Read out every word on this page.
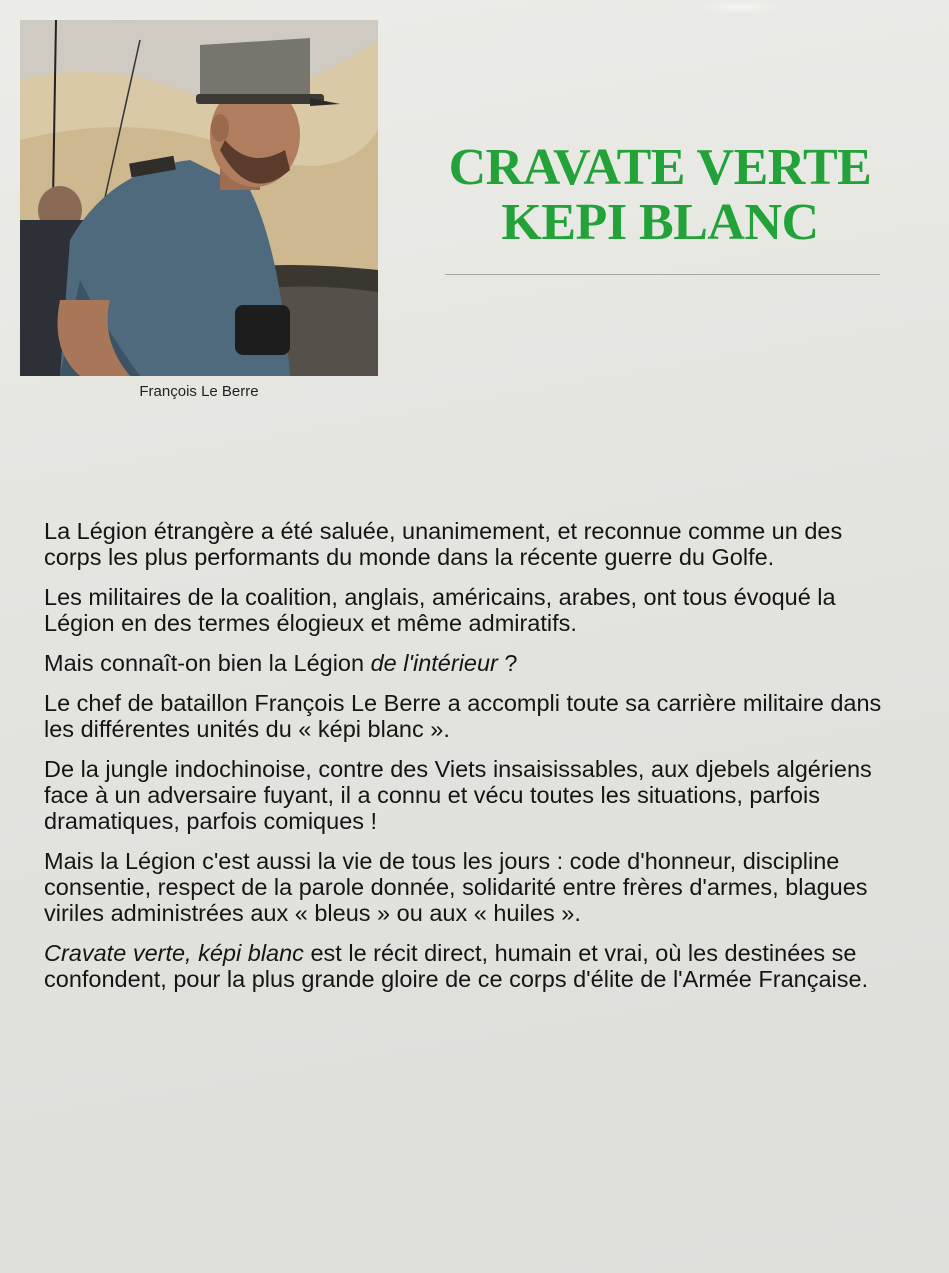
François Le Berre
CRAVATE VERTE
KEPI BLANC

La Légion étrangère a été saluée, unanimement, et reconnue comme un des corps les plus performants du monde dans la récente guerre du Golfe.

Les militaires de la coalition, anglais, américains, arabes, ont tous évoqué la Légion en des termes élogieux et même admiratifs.

Mais connaît-on bien la Légion de l'intérieur ?

Le chef de bataillon François Le Berre a accompli toute sa carrière militaire dans les différentes unités du « képi blanc ».

De la jungle indochinoise, contre des Viets insaisissables, aux djebels algériens face à un adversaire fuyant, il a connu et vécu toutes les situations, parfois dramatiques, parfois comiques !

Mais la Légion c'est aussi la vie de tous les jours : code d'honneur, discipline consentie, respect de la parole donnée, solidarité entre frères d'armes, blagues viriles administrées aux « bleus » ou aux « huiles ».

Cravate verte, képi blanc est le récit direct, humain et vrai, où les destinées se confondent, pour la plus grande gloire de ce corps d'élite de l'Armée Française.
